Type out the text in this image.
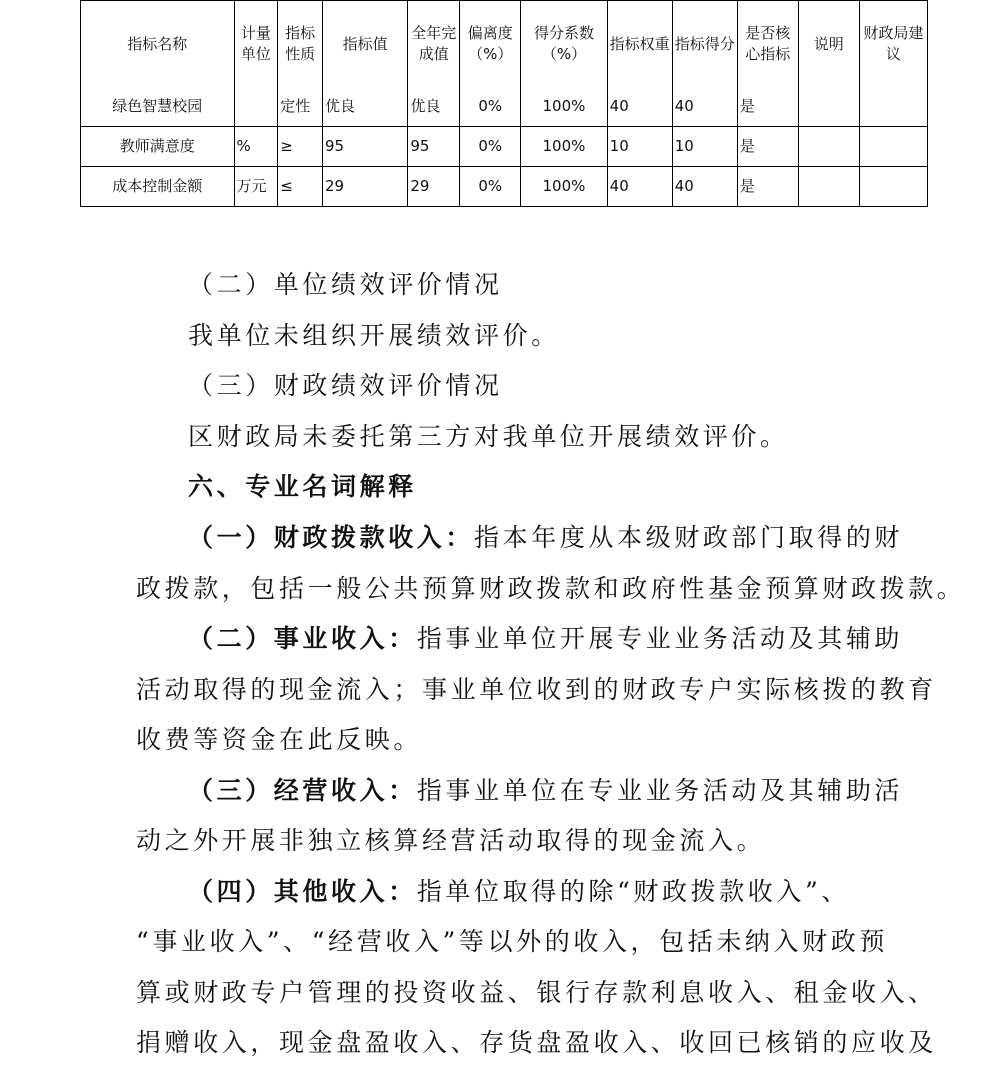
指标名称	计量单位	指标性质	指标值	全年完成值	偏离度（%）	得分系数（%）	指标权重	指标得分	是否核心指标	说明	财政局建议
绿色智慧校园		定性	优良	优良	0%	100%	40	40	是		
教师满意度	%	≥	95	95	0%	100%	10	10	是		
成本控制金额	万元	≤	29	29	0%	100%	40	40	是		
（二）单位绩效评价情况
我单位未组织开展绩效评价。
（三）财政绩效评价情况
区财政局未委托第三方对我单位开展绩效评价。
六、专业名词解释
（一）财政拨款收入：指本年度从本级财政部门取得的财
政拨款，包括一般公共预算财政拨款和政府性基金预算财政拨款。
（二）事业收入：指事业单位开展专业业务活动及其辅助
活动取得的现金流入；事业单位收到的财政专户实际核拨的教育
收费等资金在此反映。
（三）经营收入：指事业单位在专业业务活动及其辅助活
动之外开展非独立核算经营活动取得的现金流入。
（四）其他收入：指单位取得的除“财政拨款收入”、
“事业收入”、“经营收入”等以外的收入，包括未纳入财政预
算或财政专户管理的投资收益、银行存款利息收入、租金收入、
捐赠收入，现金盘盈收入、存货盘盈收入、收回已核销的应收及
